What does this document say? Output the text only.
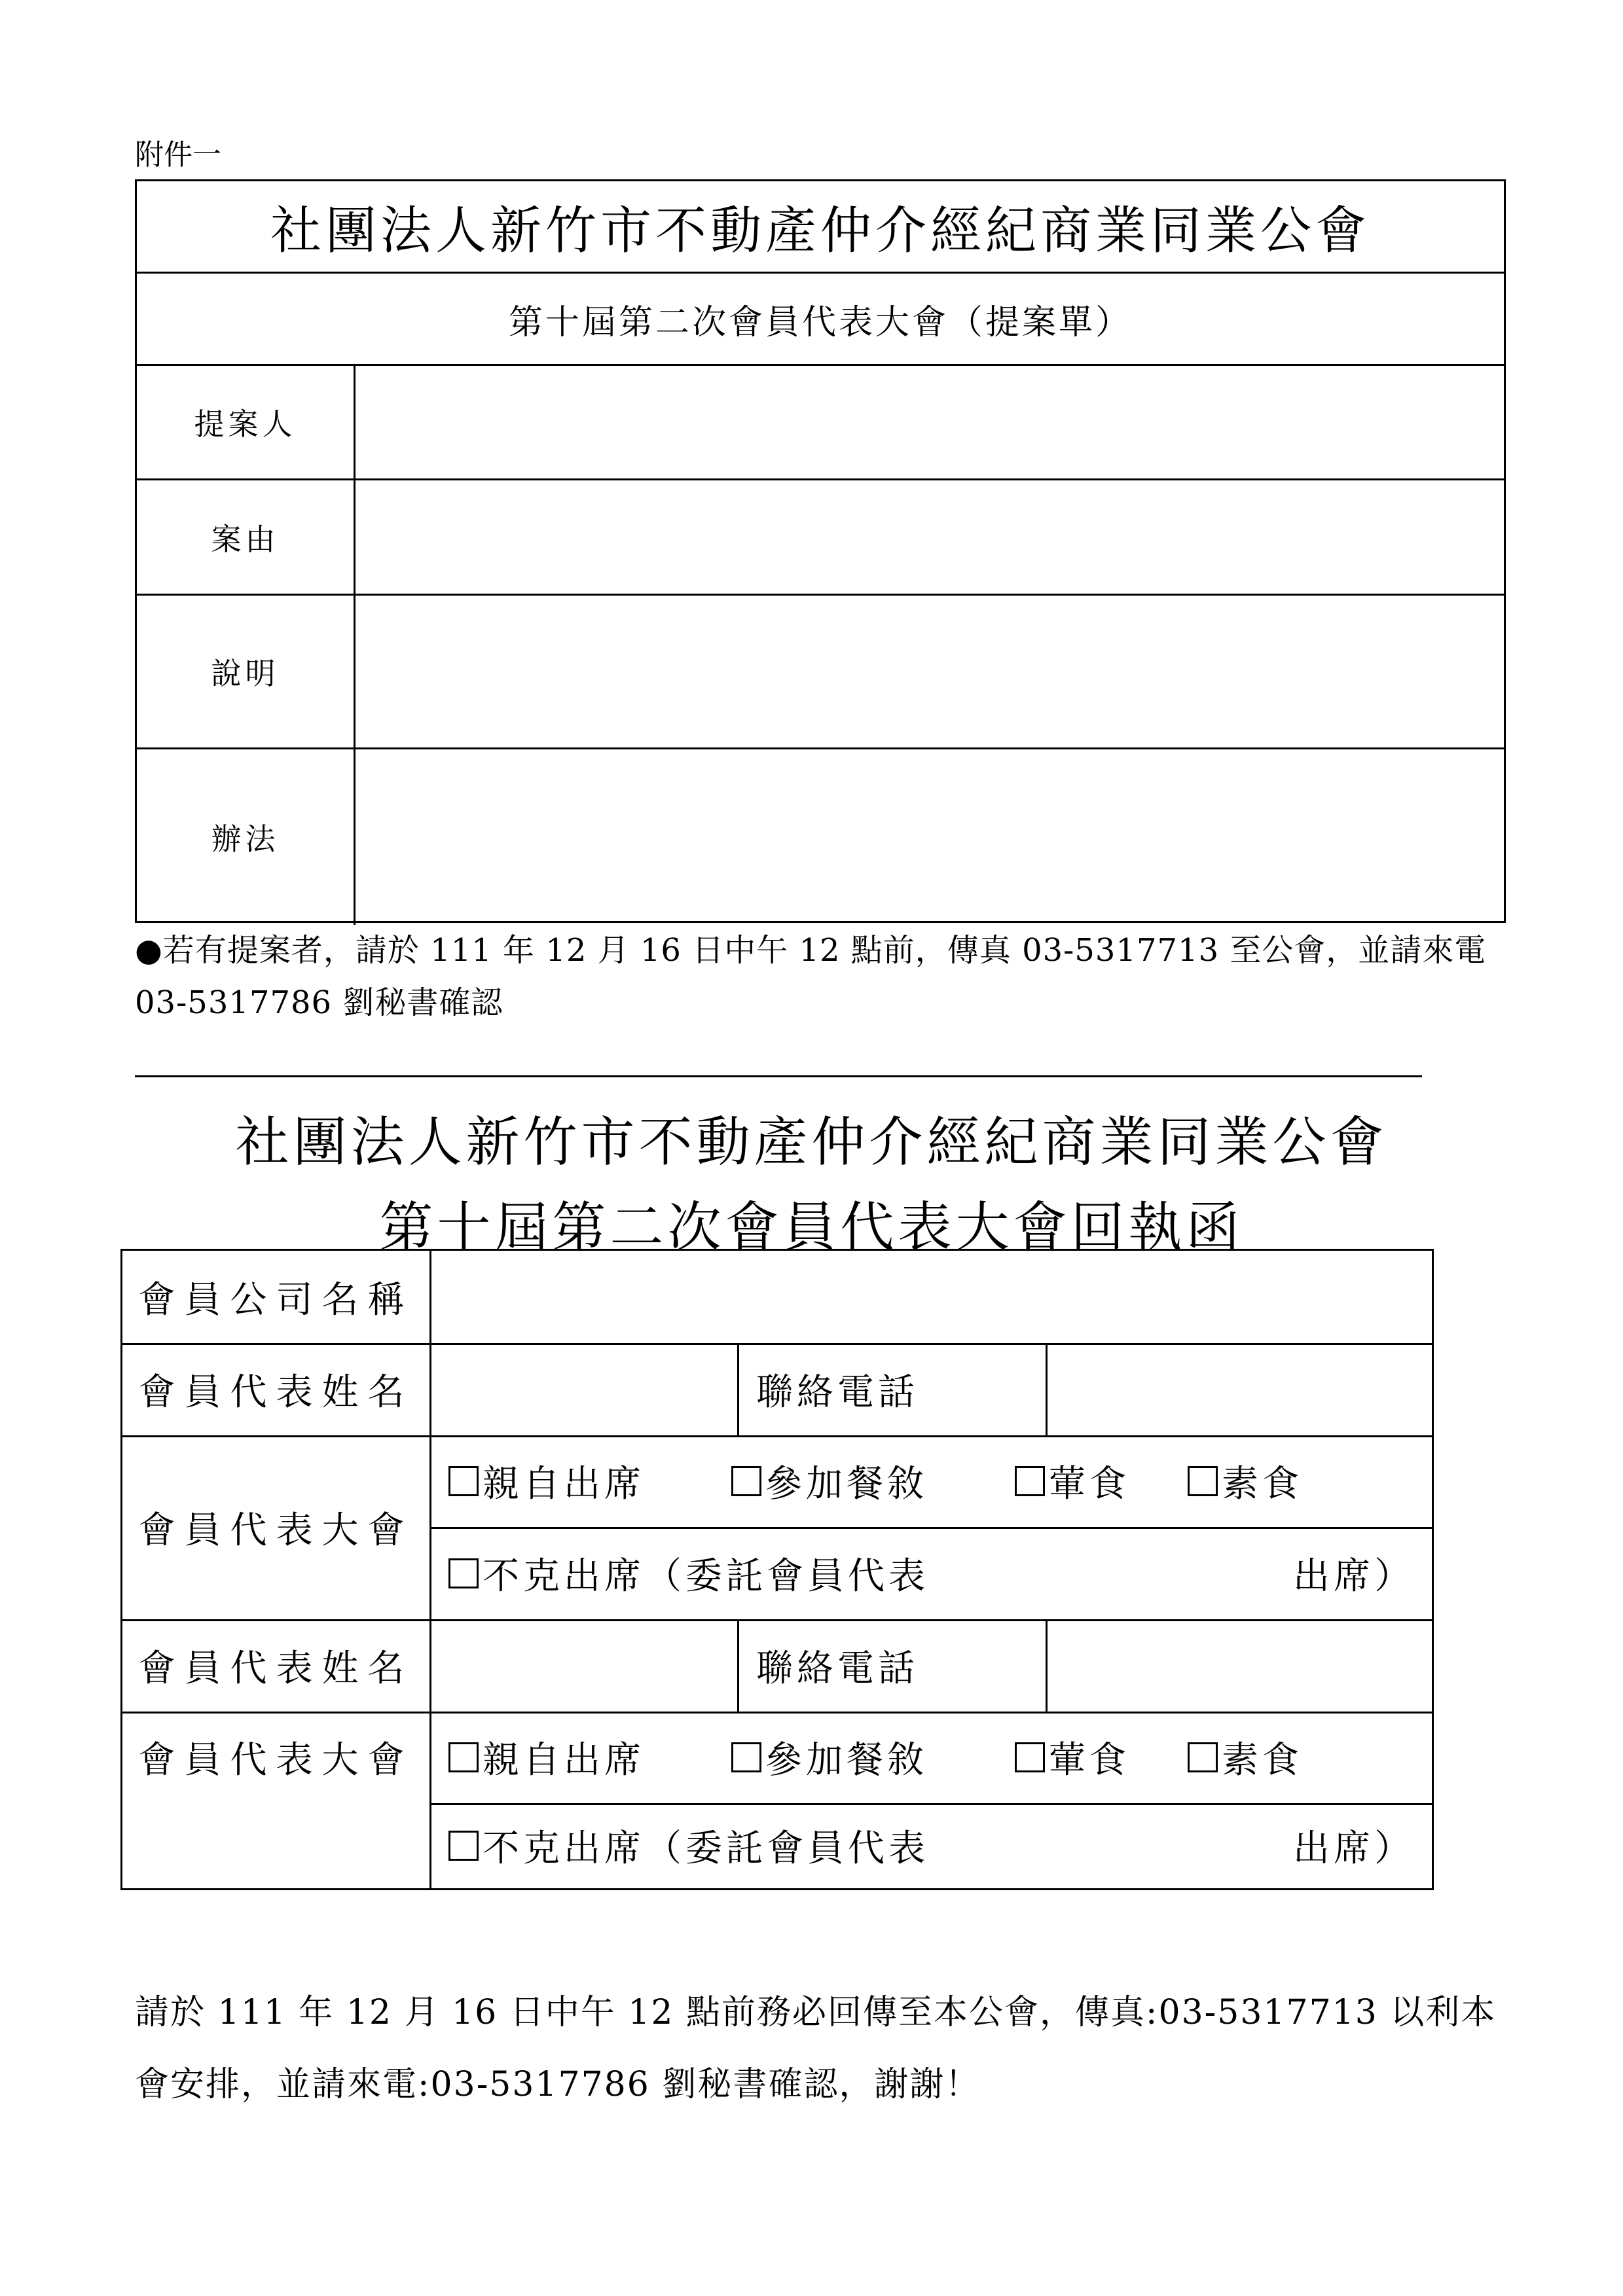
附件一
社團法人新竹市不動產仲介經紀商業同業公會
第十屆第二次會員代表大會（提案單）
提案人
案由
說明
辦法
●若有提案者，請於 111 年 12 月 16 日中午 12 點前，傳真 03-5317713 至公會，並請來電 03-5317786 劉秘書確認
社團法人新竹市不動產仲介經紀商業同業公會
第十屆第二次會員代表大會回執函
會員公司名稱
會員代表姓名	聯絡電話
會員代表大會
親自出席	參加餐敘	葷食	素食
不克出席（委託會員代表	出席）
會員代表姓名	聯絡電話
會員代表大會	親自出席	參加餐敘	葷食	素食
不克出席（委託會員代表	出席）
請於 111 年 12 月 16 日中午 12 點前務必回傳至本公會，傳真:03-5317713 以利本會安排，並請來電:03-5317786 劉秘書確認，謝謝！
